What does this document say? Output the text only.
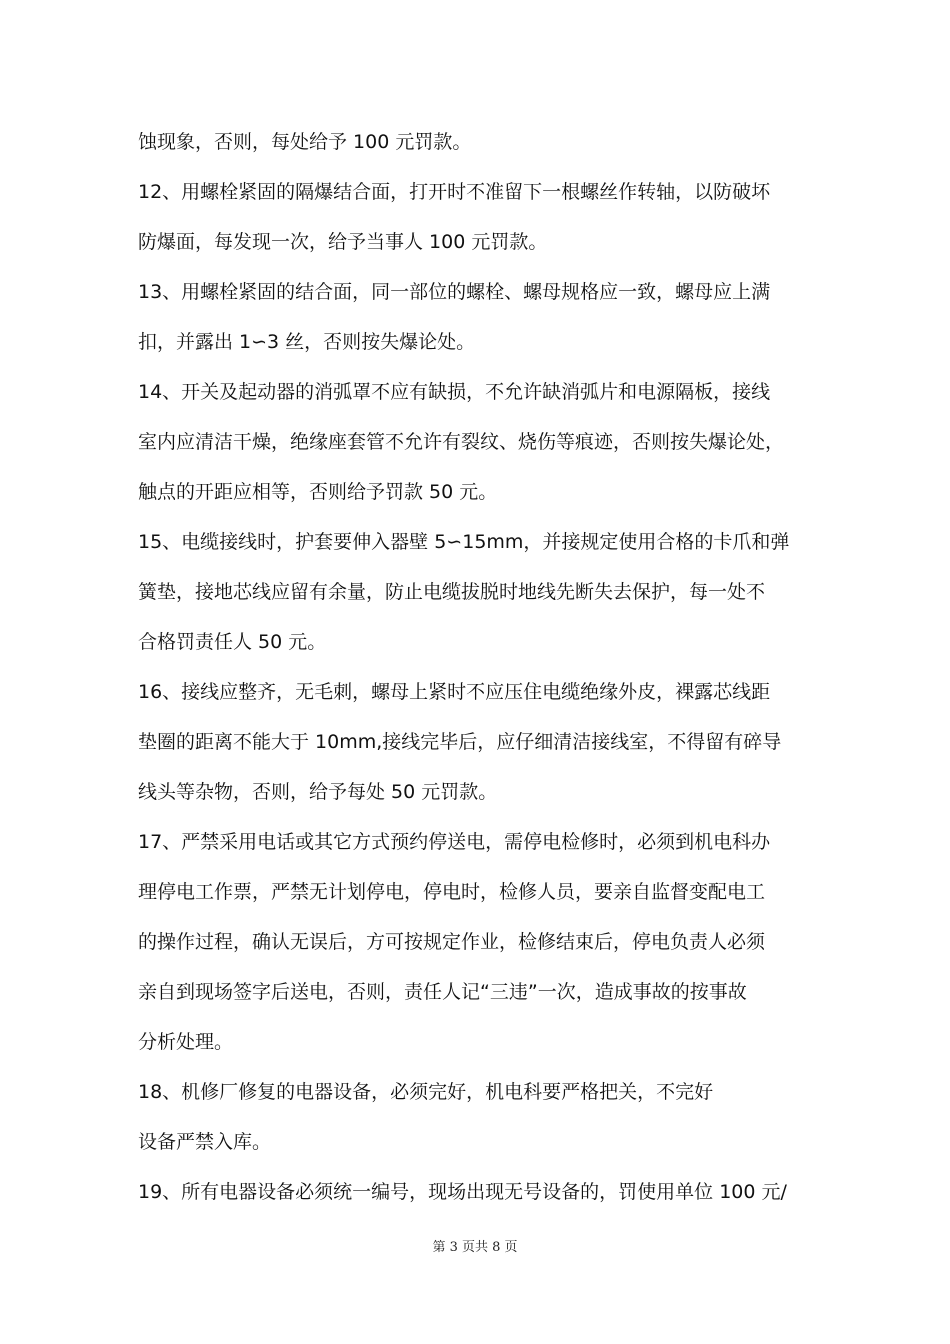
蚀现象，否则，每处给予 100 元罚款。
12、用螺栓紧固的隔爆结合面，打开时不准留下一根螺丝作转轴，以防破坏
防爆面，每发现一次，给予当事人 100 元罚款。
13、用螺栓紧固的结合面，同一部位的螺栓、螺母规格应一致，螺母应上满
扣，并露出 1∽3 丝，否则按失爆论处。
14、开关及起动器的消弧罩不应有缺损，不允许缺消弧片和电源隔板，接线
室内应清洁干燥，绝缘座套管不允许有裂纹、烧伤等痕迹，否则按失爆论处，
触点的开距应相等，否则给予罚款 50 元。
15、电缆接线时，护套要伸入器壁 5∽15mm，并接规定使用合格的卡爪和弹
簧垫，接地芯线应留有余量，防止电缆拔脱时地线先断失去保护，每一处不
合格罚责任人 50 元。
16、接线应整齐，无毛刺，螺母上紧时不应压住电缆绝缘外皮，裸露芯线距
垫圈的距离不能大于 10mm,接线完毕后，应仔细清洁接线室，不得留有碎导
线头等杂物，否则，给予每处 50 元罚款。
17、严禁采用电话或其它方式预约停送电，需停电检修时，必须到机电科办
理停电工作票，严禁无计划停电，停电时，检修人员，要亲自监督变配电工
的操作过程，确认无误后，方可按规定作业，检修结束后，停电负责人必须
亲自到现场签字后送电，否则，责任人记“三违”一次，造成事故的按事故
分析处理。
18、机修厂修复的电器设备，必须完好，机电科要严格把关，不完好
设备严禁入库。
19、所有电器设备必须统一编号，现场出现无号设备的，罚使用单位 100 元/
第 3 页共 8 页
